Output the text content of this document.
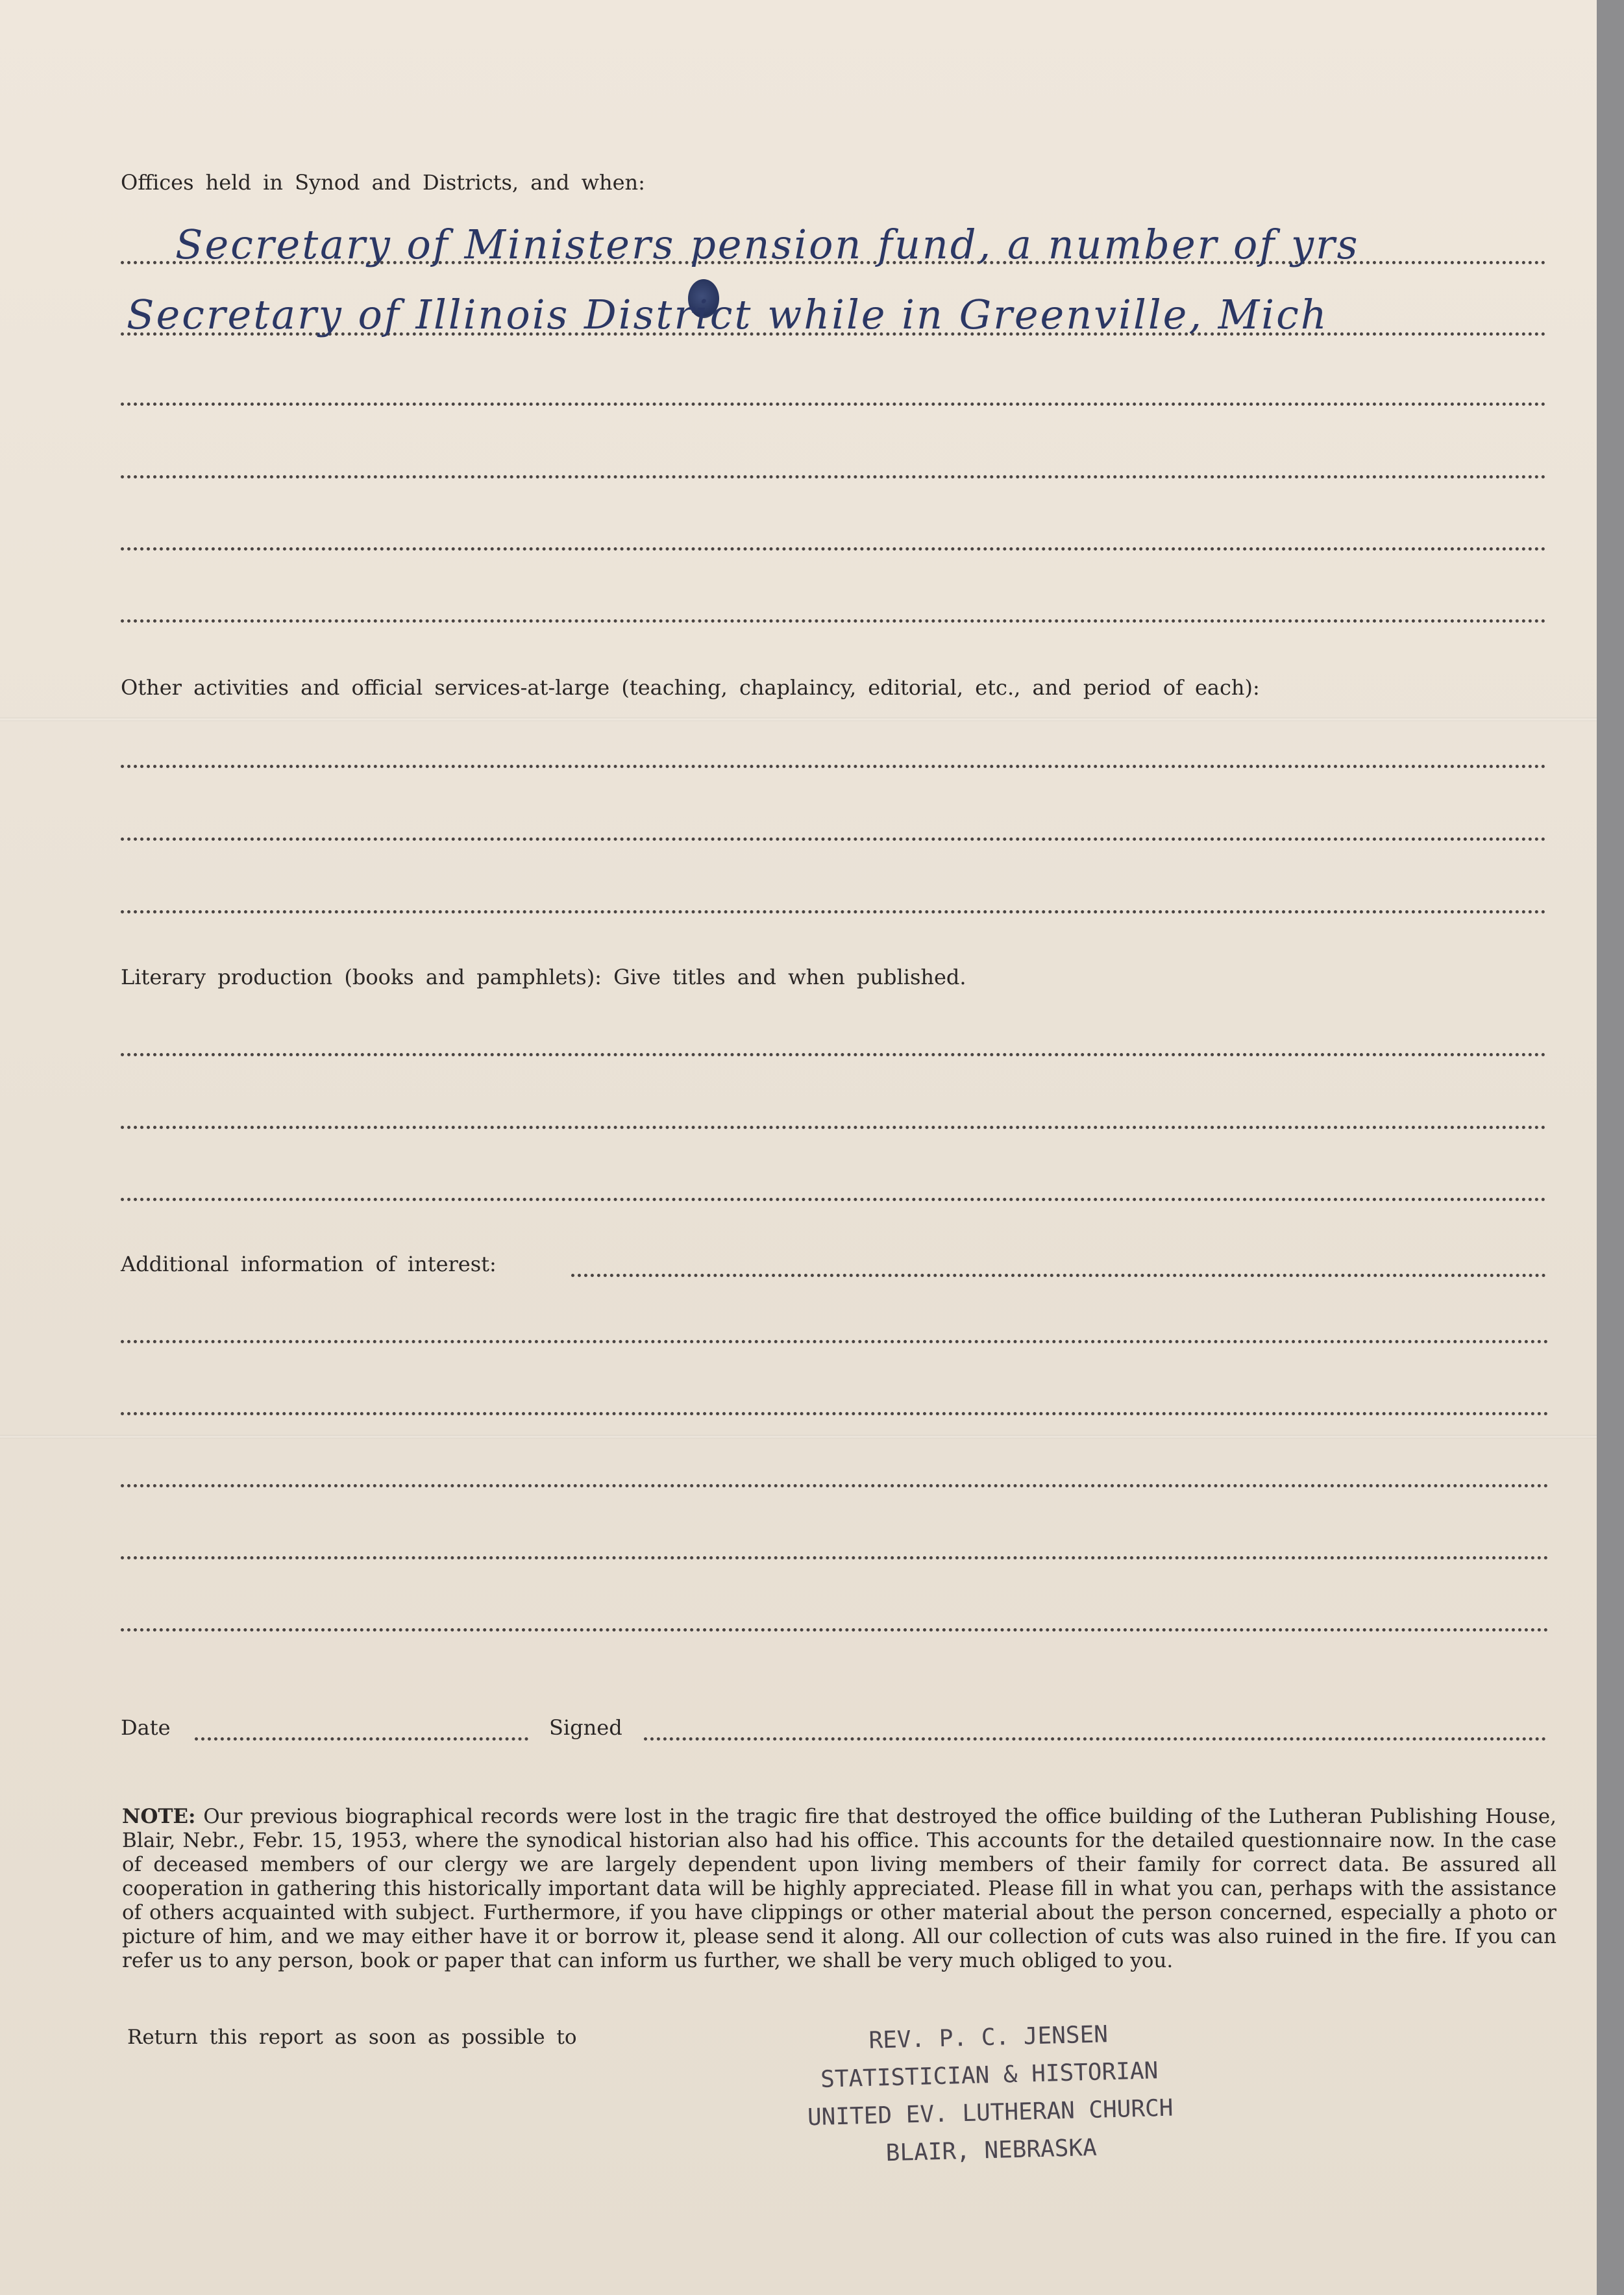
Offices held in Synod and Districts, and when:
Secretary of Ministers pension fund, a number of yrs
Secretary of Illinois District while in Greenville, Mich
Other activities and official services-at-large (teaching, chaplaincy, editorial, etc., and period of each):
Literary production (books and pamphlets): Give titles and when published.
Additional information of interest:
Date	Signed
NOTE: Our previous biographical records were lost in the tragic fire that destroyed the office building of the Lutheran Publishing House, Blair, Nebr., Febr. 15, 1953, where the synodical historian also had his office. This accounts for the detailed questionnaire now. In the case of deceased members of our clergy we are largely dependent upon living members of their family for correct data. Be assured all cooperation in gathering this historically important data will be highly appreciated. Please fill in what you can, perhaps with the assistance of others acquainted with subject. Furthermore, if you have clippings or other material about the person concerned, especially a photo or picture of him, and we may either have it or borrow it, please send it along. All our collection of cuts was also ruined in the fire. If you can refer us to any person, book or paper that can inform us further, we shall be very much obliged to you.
Return this report as soon as possible to	REV. P. C. JENSEN
STATISTICIAN & HISTORIAN
UNITED EV. LUTHERAN CHURCH
BLAIR, NEBRASKA
